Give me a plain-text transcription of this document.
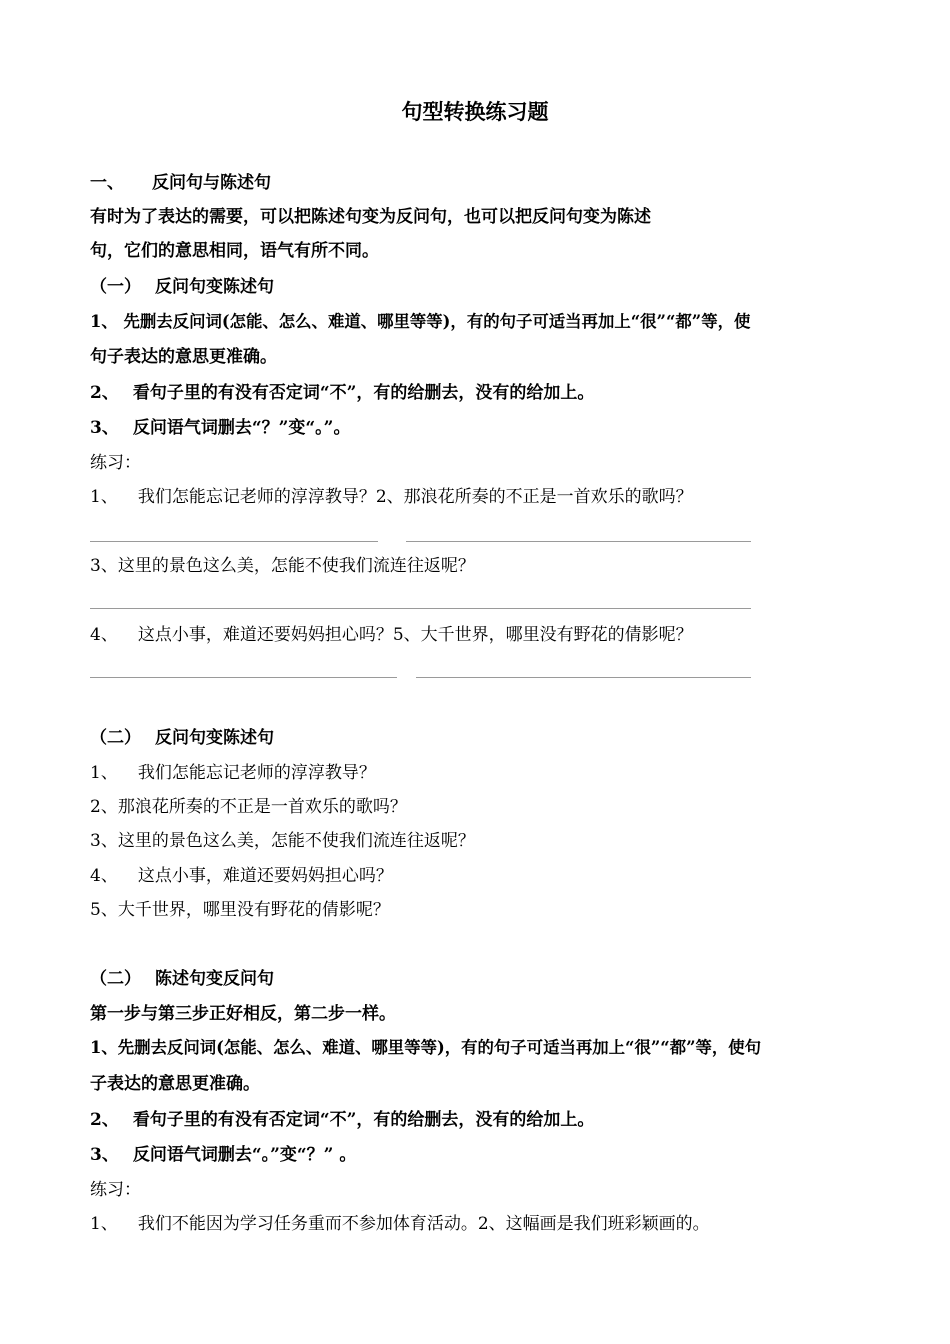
句型转换练习题
一、 反问句与陈述句
有时为了表达的需要，可以把陈述句变为反问句，也可以把反问句变为陈述
句，它们的意思相同，语气有所不同。
（一） 反问句变陈述句
1、 先删去反问词(怎能、怎么、难道、哪里等等)，有的句子可适当再加上“很”“都”等，使
句子表达的意思更准确。
2、 看句子里的有没有否定词“不”，有的给删去，没有的给加上。
3、 反问语气词删去“？”变“。”。
练习：
1、 我们怎能忘记老师的淳淳教导？2、那浪花所奏的不正是一首欢乐的歌吗？
3、这里的景色这么美，怎能不使我们流连往返呢？
4、 这点小事，难道还要妈妈担心吗？5、大千世界，哪里没有野花的倩影呢？
（二） 反问句变陈述句
1、 我们怎能忘记老师的淳淳教导？
2、那浪花所奏的不正是一首欢乐的歌吗？
3、这里的景色这么美，怎能不使我们流连往返呢？
4、 这点小事，难道还要妈妈担心吗？
5、大千世界，哪里没有野花的倩影呢？
（二） 陈述句变反问句
第一步与第三步正好相反，第二步一样。
1、先删去反问词(怎能、怎么、难道、哪里等等)，有的句子可适当再加上“很”“都”等，使句
子表达的意思更准确。
2、 看句子里的有没有否定词“不”，有的给删去，没有的给加上。
3、 反问语气词删去“。”变“？” 。
练习：
1、 我们不能因为学习任务重而不参加体育活动。2、这幅画是我们班彩颖画的。
